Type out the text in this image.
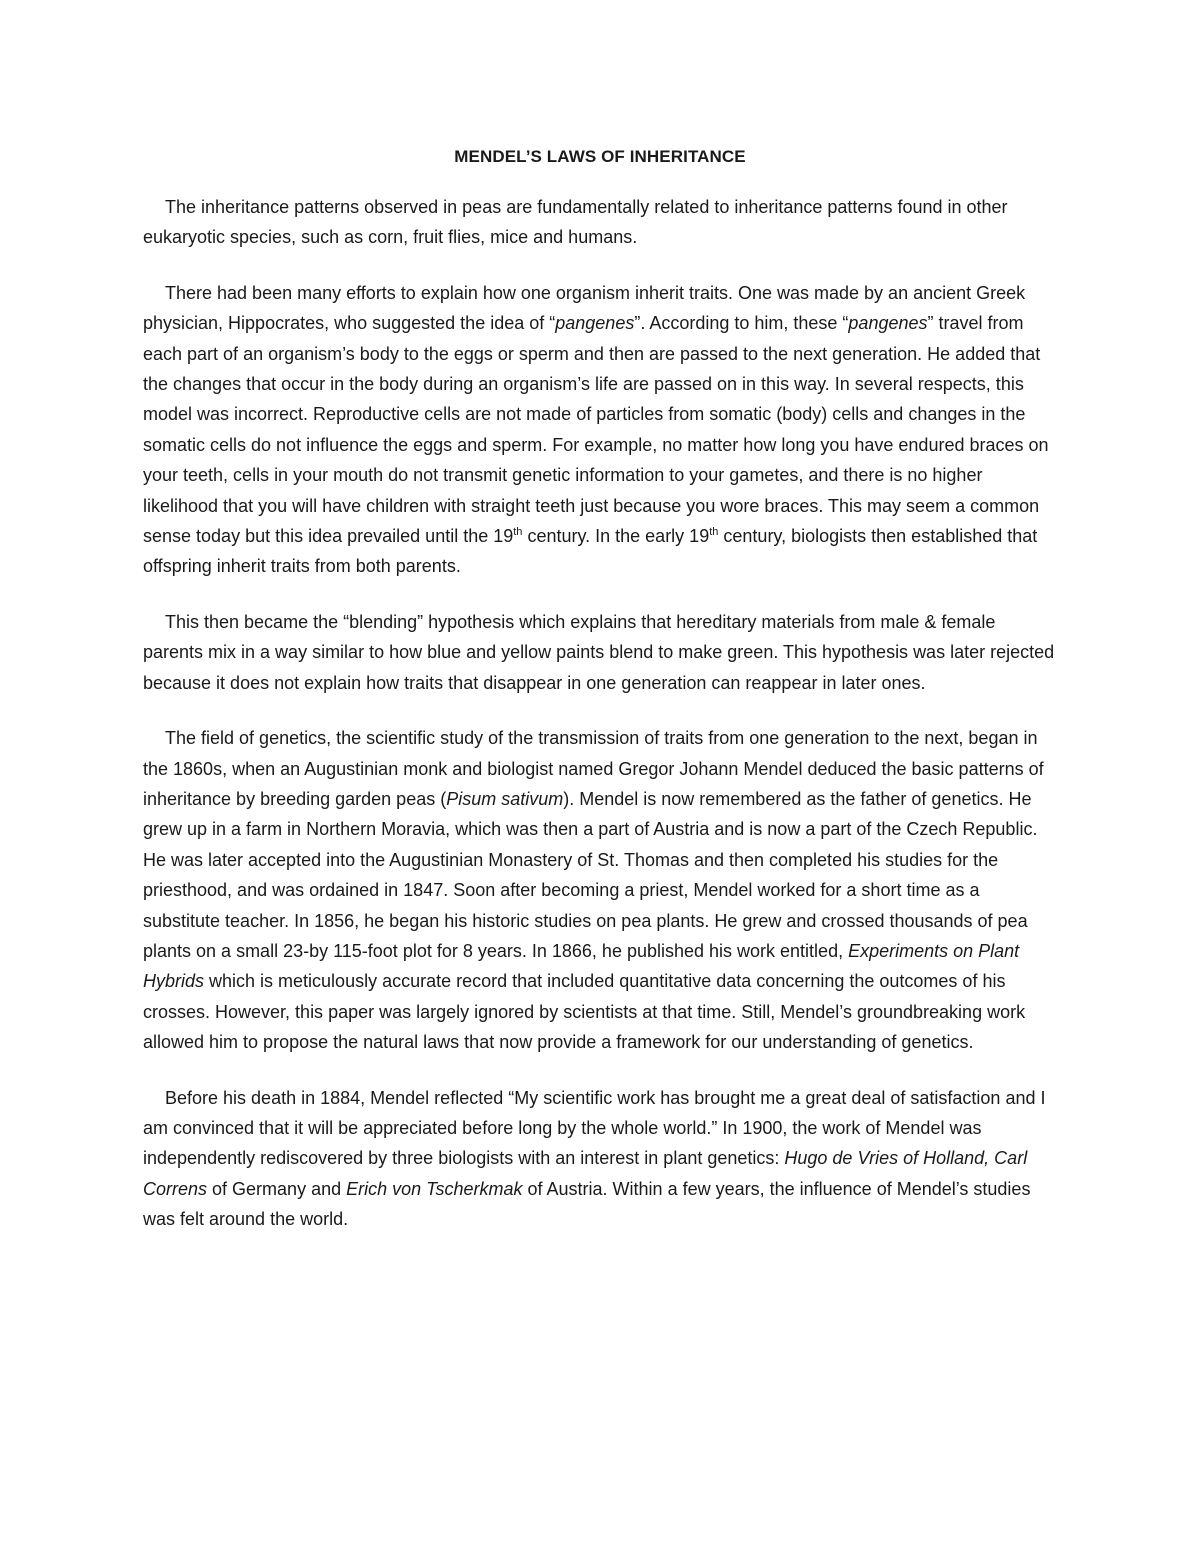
MENDEL’S LAWS OF INHERITANCE

The inheritance patterns observed in peas are fundamentally related to inheritance patterns found in other eukaryotic species, such as corn, fruit flies, mice and humans.

There had been many efforts to explain how one organism inherit traits. One was made by an ancient Greek physician, Hippocrates, who suggested the idea of “pangenes”. According to him, these “pangenes” travel from each part of an organism’s body to the eggs or sperm and then are passed to the next generation. He added that the changes that occur in the body during an organism’s life are passed on in this way. In several respects, this model was incorrect. Reproductive cells are not made of particles from somatic (body) cells and changes in the somatic cells do not influence the eggs and sperm. For example, no matter how long you have endured braces on your teeth, cells in your mouth do not transmit genetic information to your gametes, and there is no higher likelihood that you will have children with straight teeth just because you wore braces. This may seem a common sense today but this idea prevailed until the 19th century. In the early 19th century, biologists then established that offspring inherit traits from both parents.

This then became the “blending” hypothesis which explains that hereditary materials from male & female parents mix in a way similar to how blue and yellow paints blend to make green. This hypothesis was later rejected because it does not explain how traits that disappear in one generation can reappear in later ones.

The field of genetics, the scientific study of the transmission of traits from one generation to the next, began in the 1860s, when an Augustinian monk and biologist named Gregor Johann Mendel deduced the basic patterns of inheritance by breeding garden peas (Pisum sativum). Mendel is now remembered as the father of genetics. He grew up in a farm in Northern Moravia, which was then a part of Austria and is now a part of the Czech Republic. He was later accepted into the Augustinian Monastery of St. Thomas and then completed his studies for the priesthood, and was ordained in 1847. Soon after becoming a priest, Mendel worked for a short time as a substitute teacher. In 1856, he began his historic studies on pea plants. He grew and crossed thousands of pea plants on a small 23-by 115-foot plot for 8 years. In 1866, he published his work entitled, Experiments on Plant Hybrids which is meticulously accurate record that included quantitative data concerning the outcomes of his crosses. However, this paper was largely ignored by scientists at that time. Still, Mendel’s groundbreaking work allowed him to propose the natural laws that now provide a framework for our understanding of genetics.

Before his death in 1884, Mendel reflected “My scientific work has brought me a great deal of satisfaction and I am convinced that it will be appreciated before long by the whole world.” In 1900, the work of Mendel was independently rediscovered by three biologists with an interest in plant genetics: Hugo de Vries of Holland, Carl Correns of Germany and Erich von Tscherkmak of Austria. Within a few years, the influence of Mendel’s studies was felt around the world.
